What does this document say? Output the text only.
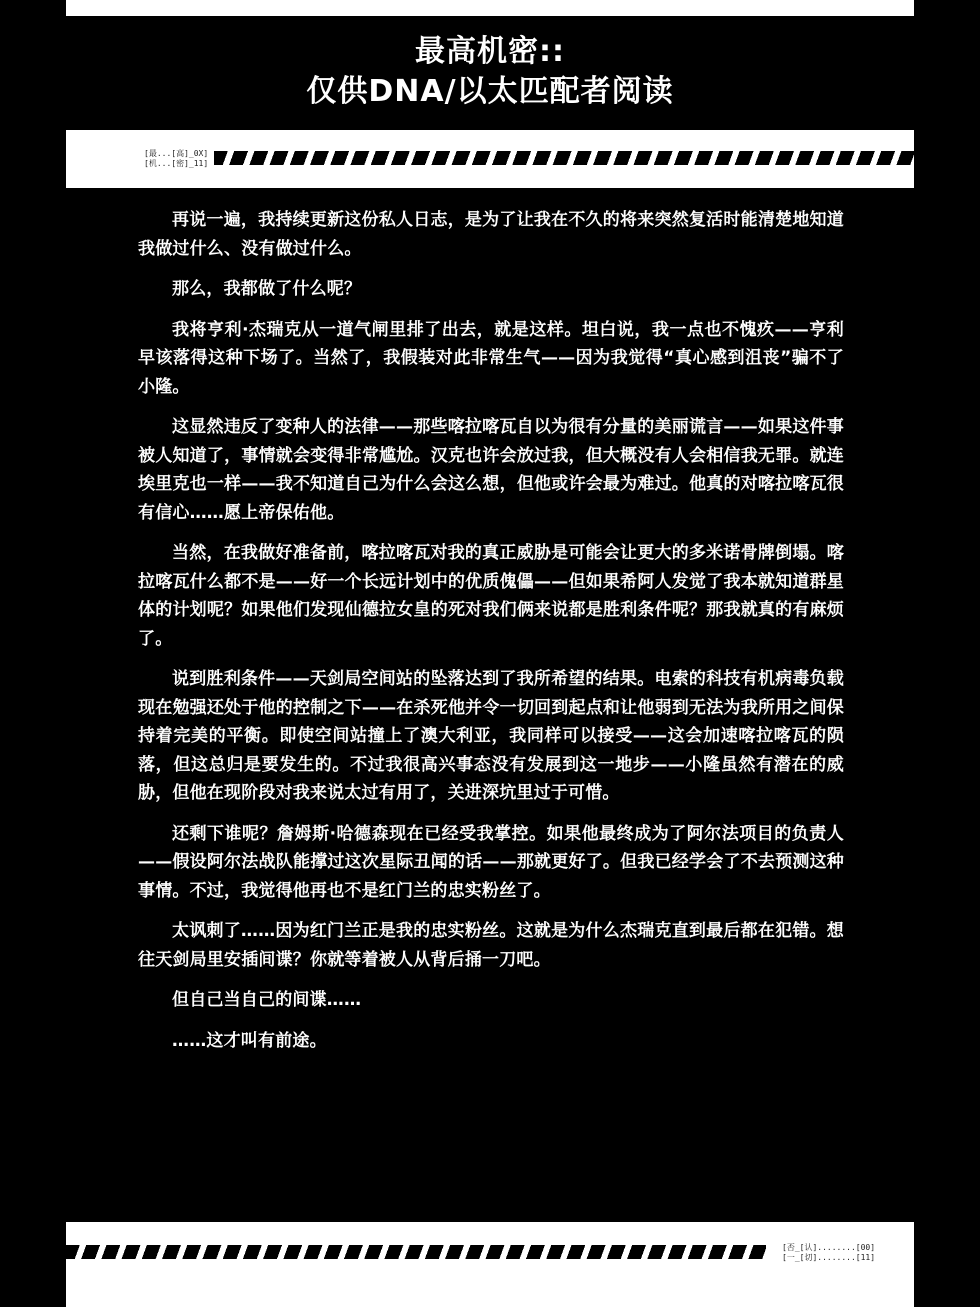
最高机密::
仅供DNA/以太匹配者阅读
[最...[高]_0X]
[机...[密]_11]

再说一遍，我持续更新这份私人日志，是为了让我在不久的将来突然复活时能清楚地知道我做过什么、没有做过什么。

那么，我都做了什么呢？

我将亨利·杰瑞克从一道气闸里排了出去，就是这样。坦白说，我一点也不愧疚——亨利早该落得这种下场了。当然了，我假装对此非常生气——因为我觉得“真心感到沮丧”骗不了小隆。

这显然违反了变种人的法律——那些喀拉喀瓦自以为很有分量的美丽谎言——如果这件事被人知道了，事情就会变得非常尴尬。汉克也许会放过我，但大概没有人会相信我无罪。就连埃里克也一样——我不知道自己为什么会这么想，但他或许会最为难过。他真的对喀拉喀瓦很有信心……愿上帝保佑他。

当然，在我做好准备前，喀拉喀瓦对我的真正威胁是可能会让更大的多米诺骨牌倒塌。喀拉喀瓦什么都不是——好一个长远计划中的优质傀儡——但如果希阿人发觉了我本就知道群星体的计划呢？如果他们发现仙德拉女皇的死对我们俩来说都是胜利条件呢？那我就真的有麻烦了。

说到胜利条件——天剑局空间站的坠落达到了我所希望的结果。电索的科技有机病毒负载现在勉强还处于他的控制之下——在杀死他并令一切回到起点和让他弱到无法为我所用之间保持着完美的平衡。即使空间站撞上了澳大利亚，我同样可以接受——这会加速喀拉喀瓦的陨落，但这总归是要发生的。不过我很高兴事态没有发展到这一地步——小隆虽然有潜在的威胁，但他在现阶段对我来说太过有用了，关进深坑里过于可惜。

还剩下谁呢？詹姆斯·哈德森现在已经受我掌控。如果他最终成为了阿尔法项目的负责人——假设阿尔法战队能撑过这次星际丑闻的话——那就更好了。但我已经学会了不去预测这种事情。不过，我觉得他再也不是红门兰的忠实粉丝了。

太讽刺了……因为红门兰正是我的忠实粉丝。这就是为什么杰瑞克直到最后都在犯错。想往天剑局里安插间谍？你就等着被人从背后捅一刀吧。

但自己当自己的间谍……

……这才叫有前途。

[否_[认]........[00]
[一_[切]........[11]
